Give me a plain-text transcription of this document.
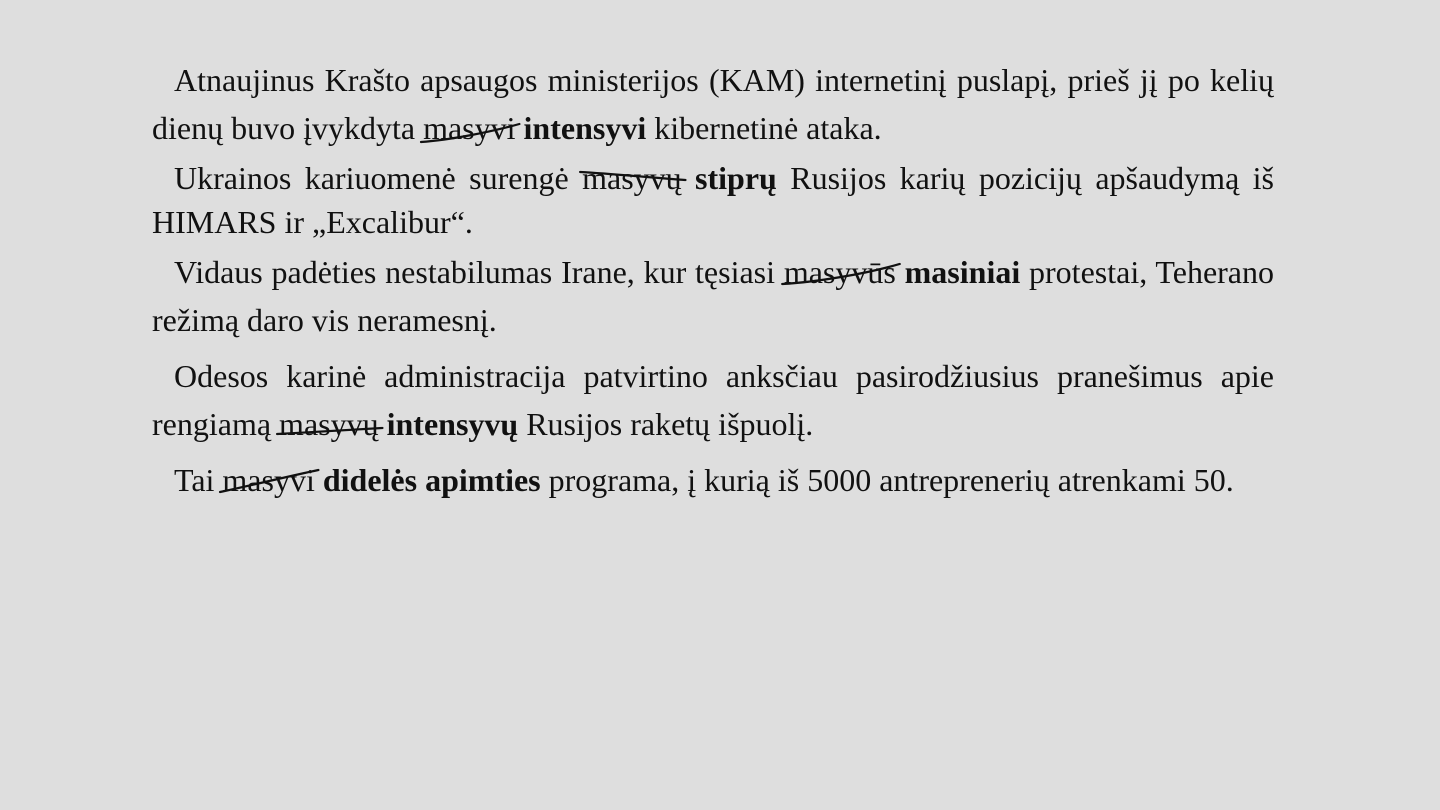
Atnaujinus Krašto apsaugos ministerijos (KAM) internetinį puslapį, prieš jį po kelių dienų buvo įvykdyta masyvi intensyvi kibernetinė ataka.

Ukrainos kariuomenė surengė masyvų stiprų Rusijos karių pozicijų apšaudymą iš HIMARS ir „Excalibur“.

Vidaus padėties nestabilumas Irane, kur tęsiasi masyvūs masiniai protestai, Teherano režimą daro vis neramesnį.

Odesos karinė administracija patvirtino anksčiau pasirodžiusius pranešimus apie rengiamą masyvų intensyvų Rusijos raketų išpuolį.

Tai masyvi didelės apimties programa, į kurią iš 5000 antreprenerių atrenkami 50.
